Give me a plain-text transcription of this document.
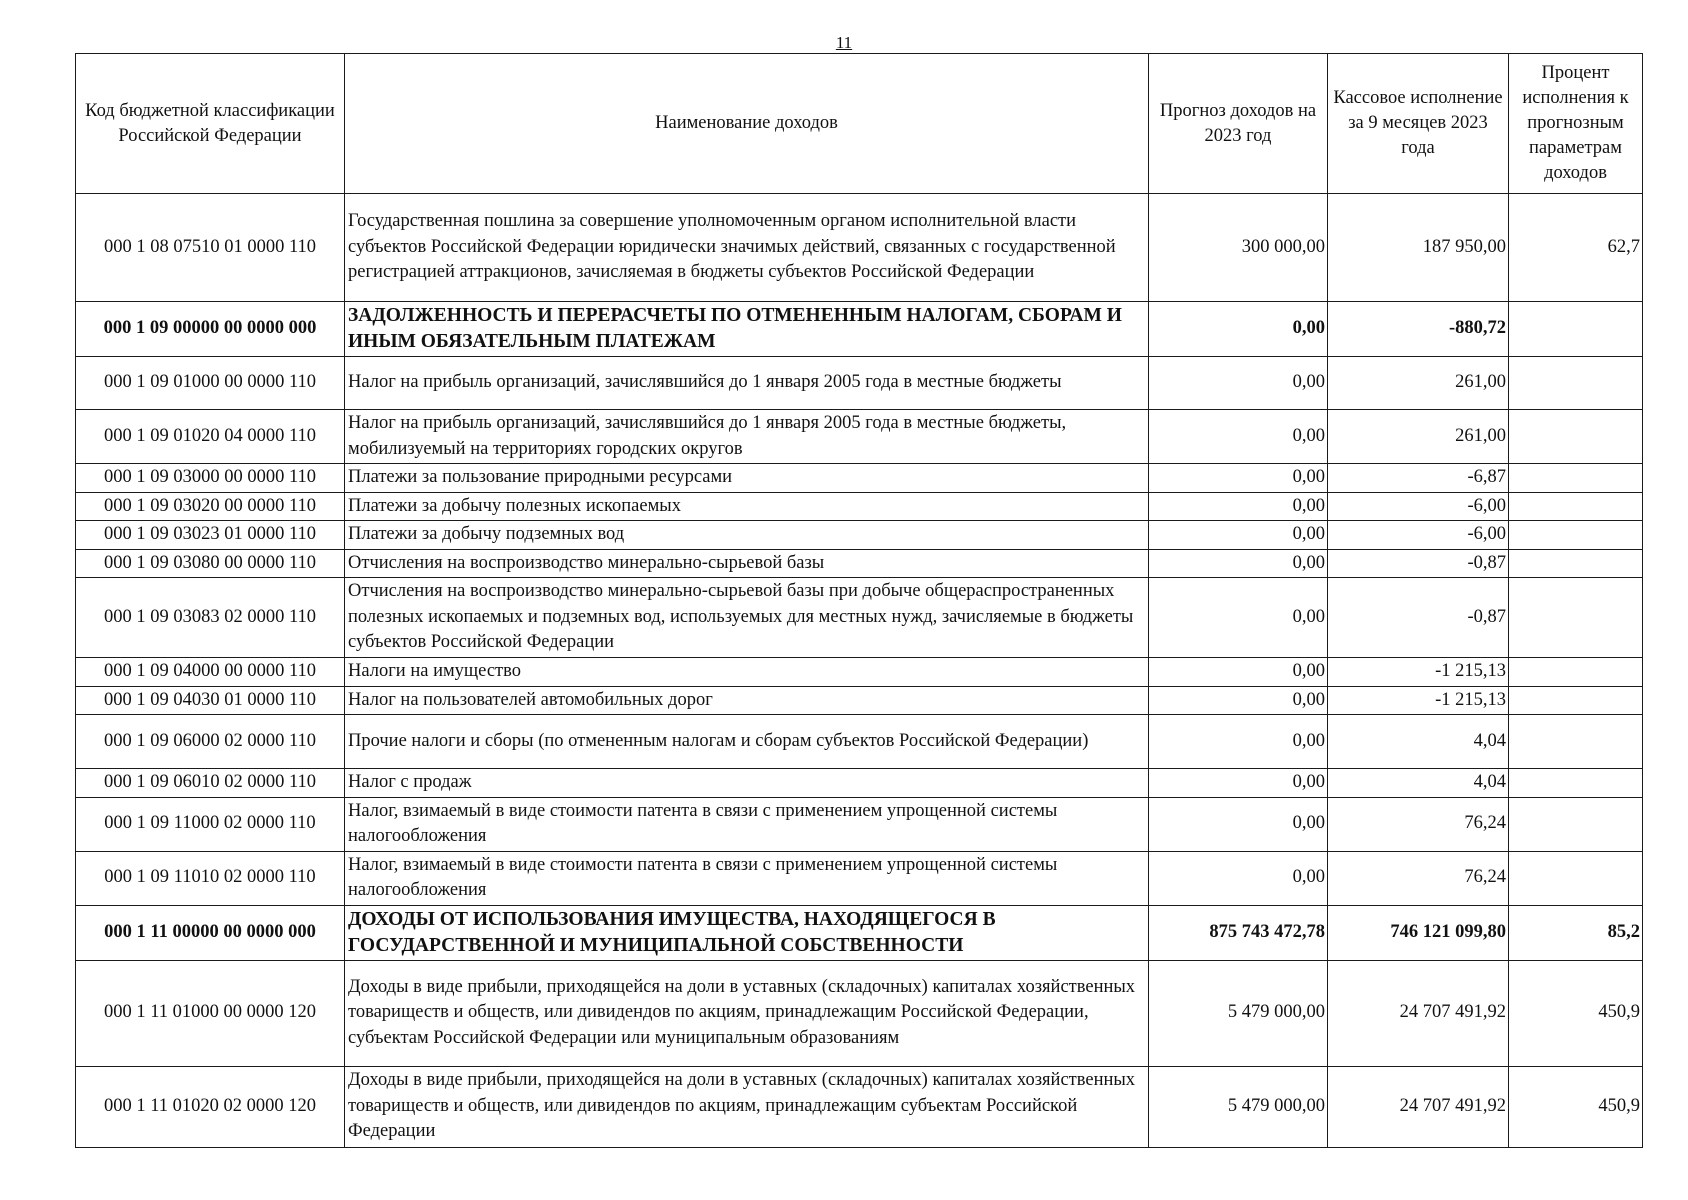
11
Код бюджетной классификации Российской Федерации	Наименование доходов	Прогноз доходов на 2023 год	Кассовое исполнение за 9 месяцев 2023 года	Процент исполнения к прогнозным параметрам доходов
000 1 08 07510 01 0000 110	Государственная пошлина за совершение уполномоченным органом исполнительной власти субъектов Российской Федерации юридически значимых действий, связанных с государственной регистрацией аттракционов, зачисляемая в бюджеты субъектов Российской Федерации	300 000,00	187 950,00	62,7
000 1 09 00000 00 0000 000	ЗАДОЛЖЕННОСТЬ И ПЕРЕРАСЧЕТЫ ПО ОТМЕНЕННЫМ НАЛОГАМ, СБОРАМ И ИНЫМ ОБЯЗАТЕЛЬНЫМ ПЛАТЕЖАМ	0,00	-880,72	
000 1 09 01000 00 0000 110	Налог на прибыль организаций, зачислявшийся до 1 января 2005 года в местные бюджеты	0,00	261,00	
000 1 09 01020 04 0000 110	Налог на прибыль организаций, зачислявшийся до 1 января 2005 года в местные бюджеты, мобилизуемый на территориях городских округов	0,00	261,00	
000 1 09 03000 00 0000 110	Платежи за пользование природными ресурсами	0,00	-6,87	
000 1 09 03020 00 0000 110	Платежи за добычу полезных ископаемых	0,00	-6,00	
000 1 09 03023 01 0000 110	Платежи за добычу подземных вод	0,00	-6,00	
000 1 09 03080 00 0000 110	Отчисления на воспроизводство минерально-сырьевой базы	0,00	-0,87	
000 1 09 03083 02 0000 110	Отчисления на воспроизводство минерально-сырьевой базы при добыче общераспространенных полезных ископаемых и подземных вод, используемых для местных нужд, зачисляемые в бюджеты субъектов Российской Федерации	0,00	-0,87	
000 1 09 04000 00 0000 110	Налоги на имущество	0,00	-1 215,13	
000 1 09 04030 01 0000 110	Налог на пользователей автомобильных дорог	0,00	-1 215,13	
000 1 09 06000 02 0000 110	Прочие налоги и сборы (по отмененным налогам и сборам субъектов Российской Федерации)	0,00	4,04	
000 1 09 06010 02 0000 110	Налог с продаж	0,00	4,04	
000 1 09 11000 02 0000 110	Налог, взимаемый в виде стоимости патента в связи с применением упрощенной системы налогообложения	0,00	76,24	
000 1 09 11010 02 0000 110	Налог, взимаемый в виде стоимости патента в связи с применением упрощенной системы налогообложения	0,00	76,24	
000 1 11 00000 00 0000 000	ДОХОДЫ ОТ ИСПОЛЬЗОВАНИЯ ИМУЩЕСТВА, НАХОДЯЩЕГОСЯ В ГОСУДАРСТВЕННОЙ И МУНИЦИПАЛЬНОЙ СОБСТВЕННОСТИ	875 743 472,78	746 121 099,80	85,2
000 1 11 01000 00 0000 120	Доходы в виде прибыли, приходящейся на доли в уставных (складочных) капиталах хозяйственных товариществ и обществ, или дивидендов по акциям, принадлежащим Российской Федерации, субъектам Российской Федерации или муниципальным образованиям	5 479 000,00	24 707 491,92	450,9
000 1 11 01020 02 0000 120	Доходы в виде прибыли, приходящейся на доли в уставных (складочных) капиталах хозяйственных товариществ и обществ, или дивидендов по акциям, принадлежащим субъектам Российской Федерации	5 479 000,00	24 707 491,92	450,9
